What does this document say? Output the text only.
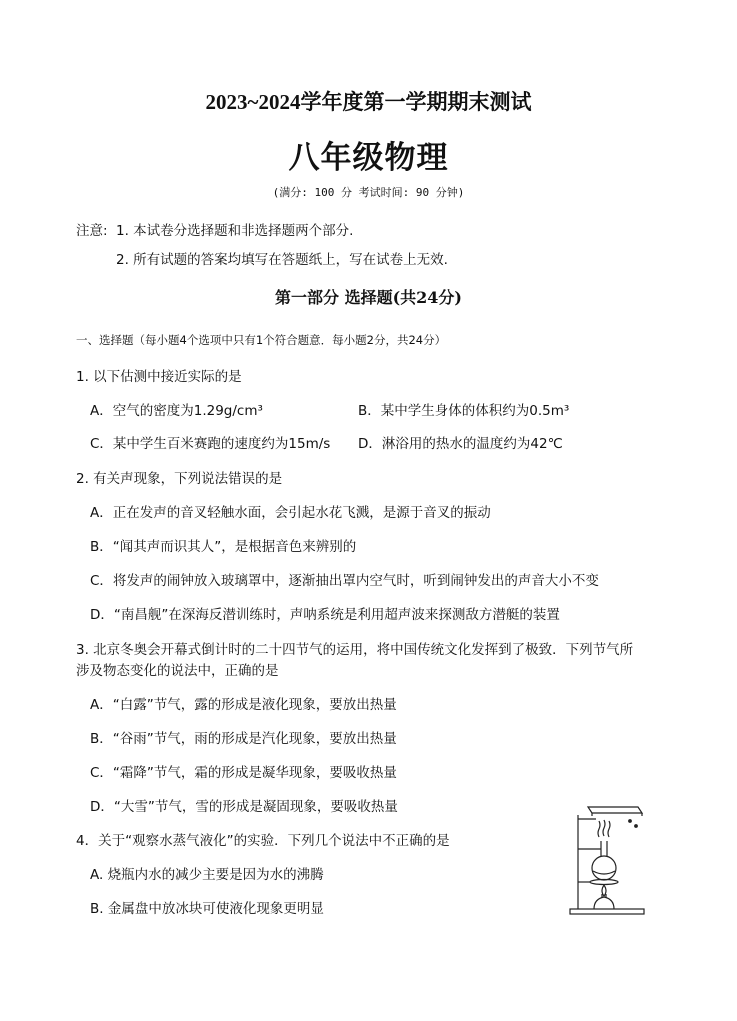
2023~2024学年度第一学期期末测试
八年级物理
(满分: 100 分 考试时间: 90 分钟)
注意: 1. 本试卷分选择题和非选择题两个部分.
2. 所有试题的答案均填写在答题纸上，写在试卷上无效.
第一部分 选择题(共24分)
一、选择题（每小题4个选项中只有1个符合题意．每小题2分，共24分）
1. 以下估测中接近实际的是
A．空气的密度为1.29g/cm³	B．某中学生身体的体积约为0.5m³
C．某中学生百米赛跑的速度约为15m/s D．淋浴用的热水的温度约为42℃
2. 有关声现象，下列说法错误的是
A．正在发声的音叉轻触水面，会引起水花飞溅，是源于音叉的振动
B．“闻其声而识其人”，是根据音色来辨别的
C．将发声的闹钟放入玻璃罩中，逐渐抽出罩内空气时，听到闹钟发出的声音大小不变
D．“南昌舰”在深海反潜训练时，声呐系统是利用超声波来探测敌方潜艇的装置
3. 北京冬奥会开幕式倒计时的二十四节气的运用，将中国传统文化发挥到了极致．下列节气所
涉及物态变化的说法中，正确的是
A．“白露”节气，露的形成是液化现象，要放出热量
B．“谷雨”节气，雨的形成是汽化现象，要放出热量
C．“霜降”节气，霜的形成是凝华现象，要吸收热量
D．“大雪”节气，雪的形成是凝固现象，要吸收热量
4．关于“观察水蒸气液化”的实验．下列几个说法中不正确的是
A. 烧瓶内水的减少主要是因为水的沸腾
B. 金属盘中放冰块可使液化现象更明显
